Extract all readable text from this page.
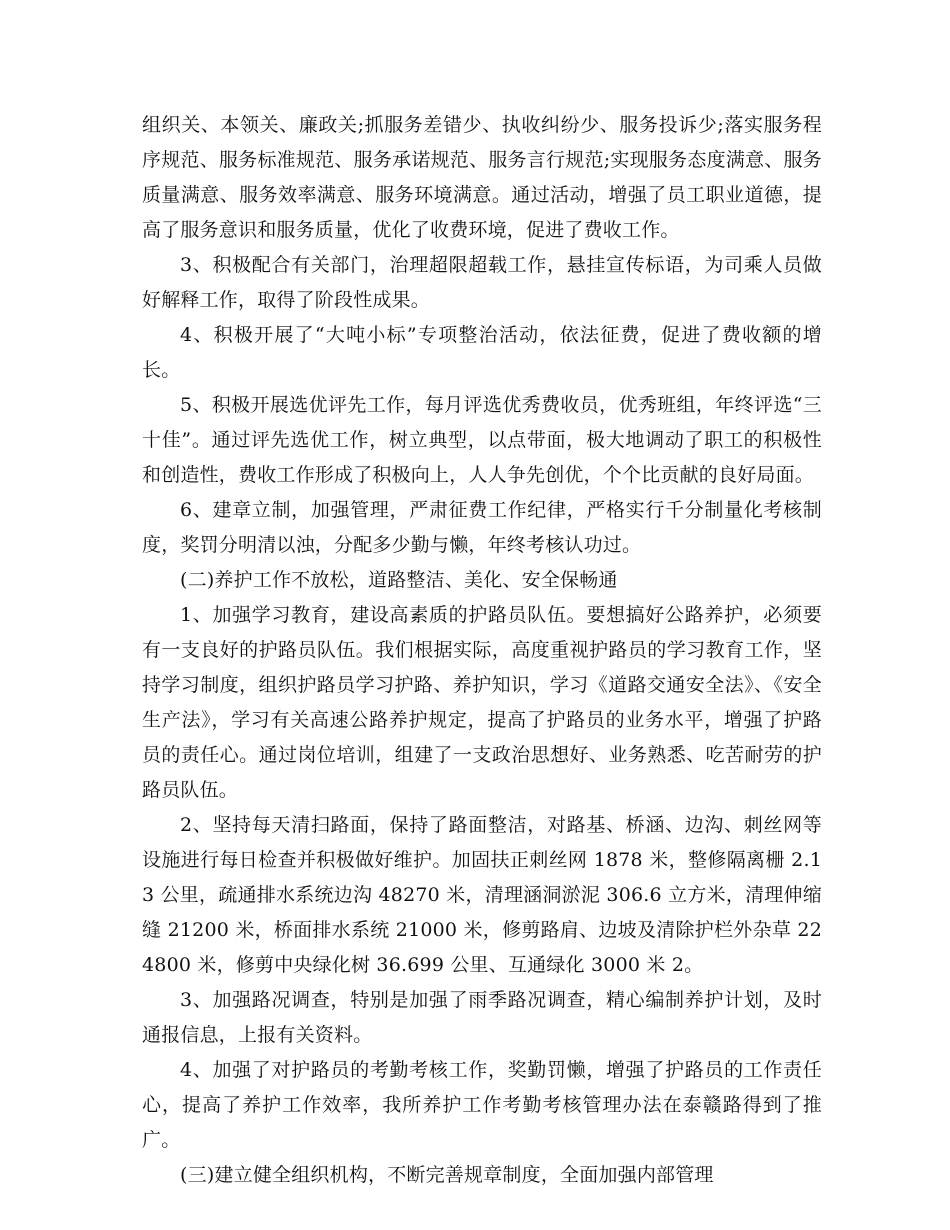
组织关、本领关、廉政关;抓服务差错少、执收纠纷少、服务投诉少;落实服务程序规范、服务标准规范、服务承诺规范、服务言行规范;实现服务态度满意、服务质量满意、服务效率满意、服务环境满意。通过活动，增强了员工职业道德，提高了服务意识和服务质量，优化了收费环境，促进了费收工作。

3、积极配合有关部门，治理超限超载工作，悬挂宣传标语，为司乘人员做好解释工作，取得了阶段性成果。

4、积极开展了“大吨小标”专项整治活动，依法征费，促进了费收额的增长。

5、积极开展选优评先工作，每月评选优秀费收员，优秀班组，年终评选“三十佳”。通过评先选优工作，树立典型，以点带面，极大地调动了职工的积极性和创造性，费收工作形成了积极向上，人人争先创优，个个比贡献的良好局面。

6、建章立制，加强管理，严肃征费工作纪律，严格实行千分制量化考核制度，奖罚分明清以浊，分配多少勤与懒，年终考核认功过。

(二)养护工作不放松，道路整洁、美化、安全保畅通

1、加强学习教育，建设高素质的护路员队伍。要想搞好公路养护，必须要有一支良好的护路员队伍。我们根据实际，高度重视护路员的学习教育工作，坚持学习制度，组织护路员学习护路、养护知识，学习《道路交通安全法》、《安全生产法》，学习有关高速公路养护规定，提高了护路员的业务水平，增强了护路员的责任心。通过岗位培训，组建了一支政治思想好、业务熟悉、吃苦耐劳的护路员队伍。

2、坚持每天清扫路面，保持了路面整洁，对路基、桥涵、边沟、刺丝网等设施进行每日检查并积极做好维护。加固扶正刺丝网 1878 米，整修隔离栅 2.13 公里，疏通排水系统边沟 48270 米，清理涵洞淤泥 306.6 立方米，清理伸缩缝 21200 米，桥面排水系统 21000 米，修剪路肩、边坡及清除护栏外杂草 224800 米，修剪中央绿化树 36.699 公里、互通绿化 3000 米 2。

3、加强路况调查，特别是加强了雨季路况调查，精心编制养护计划，及时通报信息，上报有关资料。

4、加强了对护路员的考勤考核工作，奖勤罚懒，增强了护路员的工作责任心，提高了养护工作效率，我所养护工作考勤考核管理办法在泰赣路得到了推广。

(三)建立健全组织机构，不断完善规章制度，全面加强内部管理
